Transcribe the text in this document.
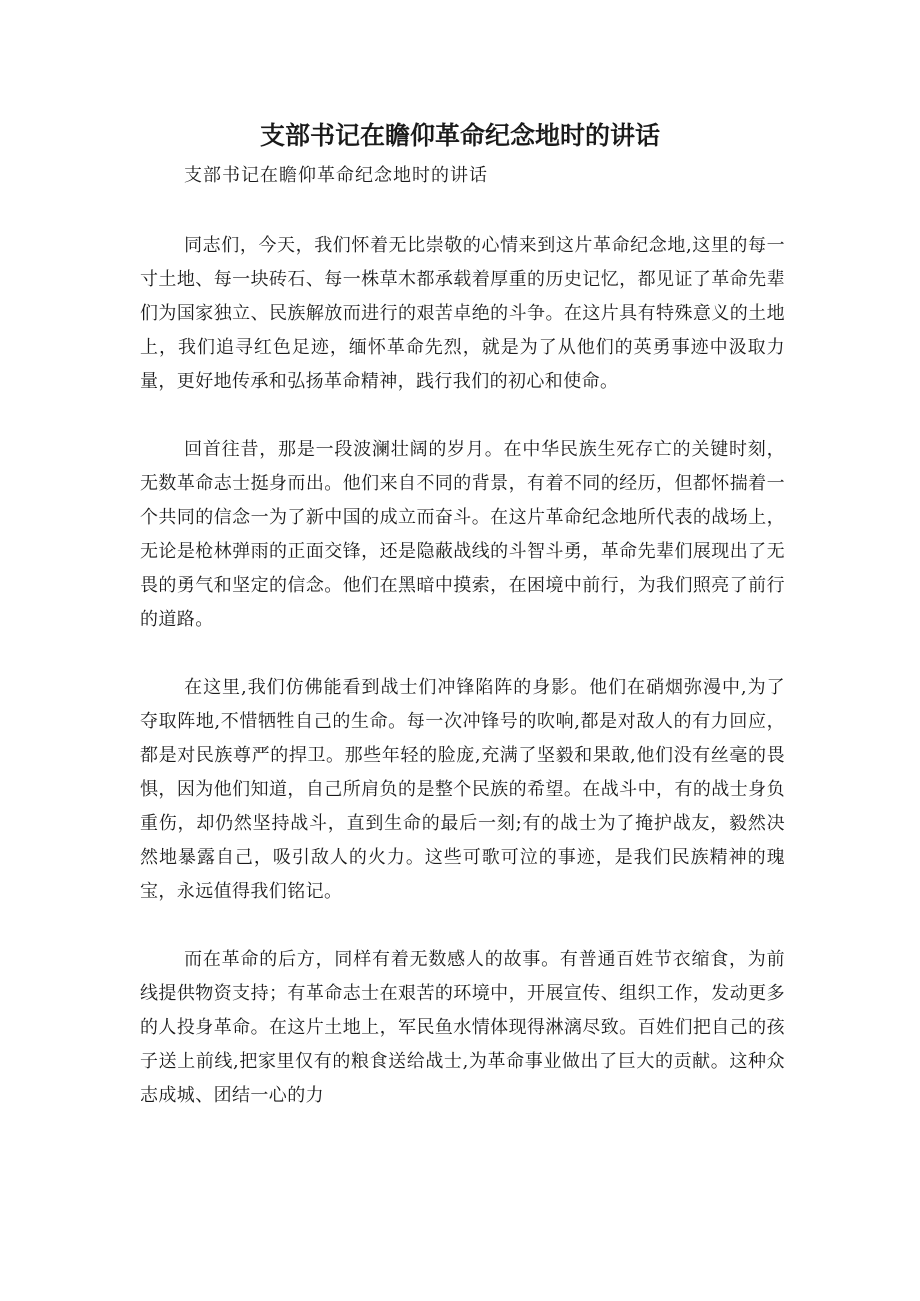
支部书记在瞻仰革命纪念地时的讲话

支部书记在瞻仰革命纪念地时的讲话

同志们，今天，我们怀着无比崇敬的心情来到这片革命纪念地,这里的每一寸土地、每一块砖石、每一株草木都承载着厚重的历史记忆，都见证了革命先辈们为国家独立、民族解放而进行的艰苦卓绝的斗争。在这片具有特殊意义的土地上，我们追寻红色足迹，缅怀革命先烈，就是为了从他们的英勇事迹中汲取力量，更好地传承和弘扬革命精神，践行我们的初心和使命。

回首往昔，那是一段波澜壮阔的岁月。在中华民族生死存亡的关键时刻，无数革命志士挺身而出。他们来自不同的背景，有着不同的经历，但都怀揣着一个共同的信念一为了新中国的成立而奋斗。在这片革命纪念地所代表的战场上，无论是枪林弹雨的正面交锋，还是隐蔽战线的斗智斗勇，革命先辈们展现出了无畏的勇气和坚定的信念。他们在黑暗中摸索，在困境中前行，为我们照亮了前行的道路。

在这里,我们仿佛能看到战士们冲锋陷阵的身影。他们在硝烟弥漫中,为了夺取阵地,不惜牺牲自己的生命。每一次冲锋号的吹响,都是对敌人的有力回应，都是对民族尊严的捍卫。那些年轻的脸庞,充满了坚毅和果敢,他们没有丝毫的畏惧，因为他们知道，自己所肩负的是整个民族的希望。在战斗中，有的战士身负重伤，却仍然坚持战斗，直到生命的最后一刻;有的战士为了掩护战友，毅然决然地暴露自己，吸引敌人的火力。这些可歌可泣的事迹，是我们民族精神的瑰宝，永远值得我们铭记。

而在革命的后方，同样有着无数感人的故事。有普通百姓节衣缩食，为前线提供物资支持；有革命志士在艰苦的环境中，开展宣传、组织工作，发动更多的人投身革命。在这片土地上，军民鱼水情体现得淋漓尽致。百姓们把自己的孩子送上前线,把家里仅有的粮食送给战士,为革命事业做出了巨大的贡献。这种众志成城、团结一心的力
